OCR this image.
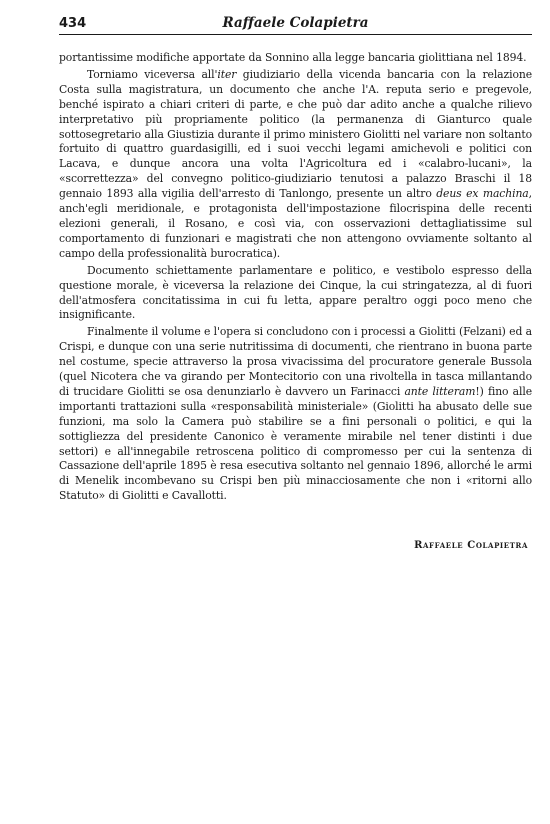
434	Raffaele Colapietra

portantissime modifiche apportate da Sonnino alla legge bancaria giolittiana nel 1894.

Torniamo viceversa all'iter giudiziario della vicenda bancaria con la relazione Costa sulla magistratura, un documento che anche l'A. reputa serio e pregevole, benché ispirato a chiari criteri di parte, e che può dar adito anche a qualche rilievo interpretativo più propriamente politico (la permanenza di Gianturco quale sottosegretario alla Giustizia durante il primo ministero Giolitti nel variare non soltanto fortuito di quattro guardasigilli, ed i suoi vecchi legami amichevoli e politici con Lacava, e dunque ancora una volta l'Agricoltura ed i «calabro-lucani», la «scorrettezza» del convegno politico-giudiziario tenutosi a palazzo Braschi il 18 gennaio 1893 alla vigilia dell'arresto di Tanlongo, presente un altro deus ex machina, anch'egli meridionale, e protagonista dell'impostazione filocrispina delle recenti elezioni generali, il Rosano, e così via, con osservazioni dettagliatissime sul comportamento di funzionari e magistrati che non attengono ovviamente soltanto al campo della professionalità burocratica).

Documento schiettamente parlamentare e politico, e vestibolo espresso della questione morale, è viceversa la relazione dei Cinque, la cui stringatezza, al di fuori dell'atmosfera concitatissima in cui fu letta, appare peraltro oggi poco meno che insignificante.

Finalmente il volume e l'opera si concludono con i processi a Giolitti (Felzani) ed a Crispi, e dunque con una serie nutritissima di documenti, che rientrano in buona parte nel costume, specie attraverso la prosa vivacissima del procuratore generale Bussola (quel Nicotera che va girando per Montecitorio con una rivoltella in tasca millantando di trucidare Giolitti se osa denunziarlo è davvero un Farinacci ante litteram!) fino alle importanti trattazioni sulla «responsabilità ministeriale» (Giolitti ha abusato delle sue funzioni, ma solo la Camera può stabilire se a fini personali o politici, e qui la sottigliezza del presidente Canonico è veramente mirabile nel tener distinti i due settori) e all'innegabile retroscena politico di compromesso per cui la sentenza di Cassazione dell'aprile 1895 è resa esecutiva soltanto nel gennaio 1896, allorché le armi di Menelik incombevano su Crispi ben più minacciosamente che non i «ritorni allo Statuto» di Giolitti e Cavallotti.

Raffaele Colapietra
